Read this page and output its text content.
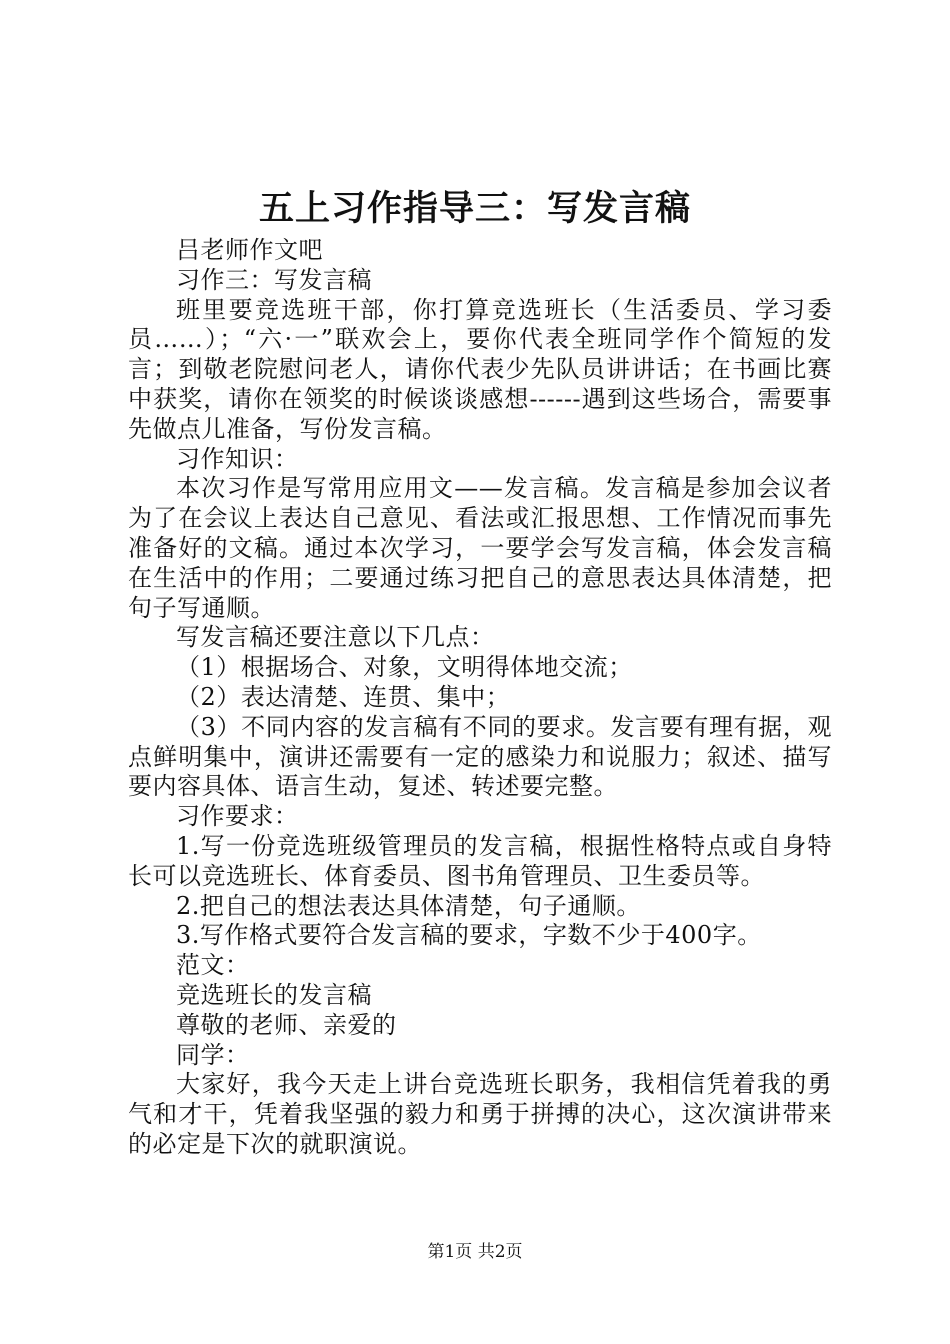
五上习作指导三：写发言稿

吕老师作文吧

习作三：写发言稿

班里要竞选班干部，你打算竞选班长（生活委员、学习委员……）；“六·一”联欢会上，要你代表全班同学作个简短的发言；到敬老院慰问老人，请你代表少先队员讲讲话；在书画比赛中获奖，请你在领奖的时候谈谈感想------遇到这些场合，需要事先做点儿准备，写份发言稿。

习作知识：

本次习作是写常用应用文——发言稿。发言稿是参加会议者为了在会议上表达自己意见、看法或汇报思想、工作情况而事先准备好的文稿。通过本次学习，一要学会写发言稿，体会发言稿在生活中的作用；二要通过练习把自己的意思表达具体清楚，把句子写通顺。

写发言稿还要注意以下几点：

（1）根据场合、对象，文明得体地交流；

（2）表达清楚、连贯、集中；

（3）不同内容的发言稿有不同的要求。发言要有理有据，观点鲜明集中，演讲还需要有一定的感染力和说服力；叙述、描写要内容具体、语言生动，复述、转述要完整。

习作要求：

1.写一份竞选班级管理员的发言稿，根据性格特点或自身特长可以竞选班长、体育委员、图书角管理员、卫生委员等。

2.把自己的想法表达具体清楚，句子通顺。

3.写作格式要符合发言稿的要求，字数不少于400字。

范文：

竞选班长的发言稿

尊敬的老师、亲爱的

同学：

大家好，我今天走上讲台竞选班长职务，我相信凭着我的勇气和才干，凭着我坚强的毅力和勇于拼搏的决心，这次演讲带来的必定是下次的就职演说。

第1页 共2页
